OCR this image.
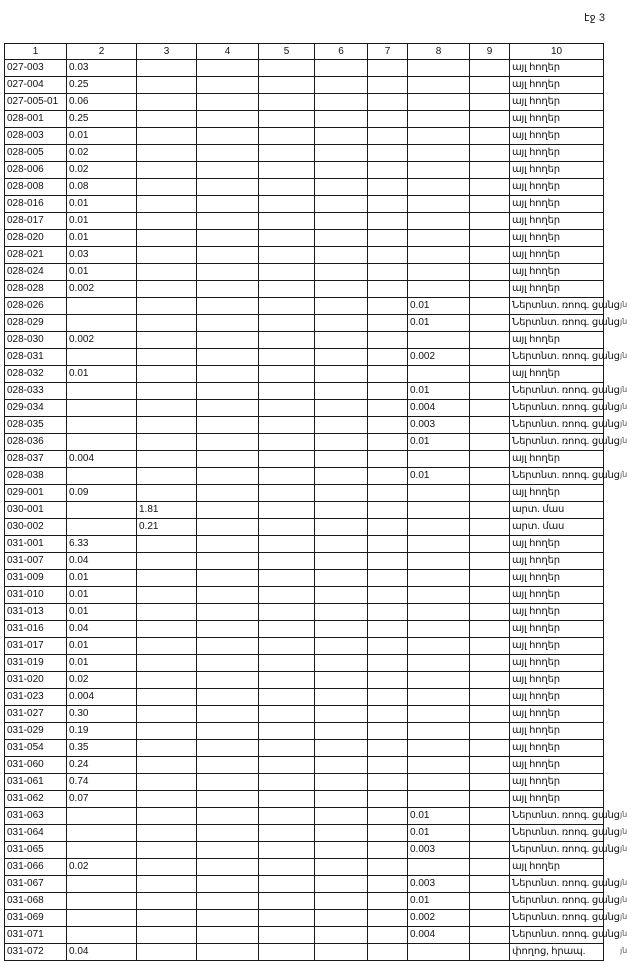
էջ 3
1	2	3	4	5	6	7	8	9	10
027-003	0.03								այլ հողեր
027-004	0.25								այլ հողեր
027-005-01	0.06								այլ հողեր
028-001	0.25								այլ հողեր
028-003	0.01								այլ հողեր
028-005	0.02								այլ հողեր
028-006	0.02								այլ հողեր
028-008	0.08								այլ հողեր
028-016	0.01								այլ հողեր
028-017	0.01								այլ հողեր
028-020	0.01								այլ հողեր
028-021	0.03								այլ հողեր
028-024	0.01								այլ հողեր
028-028	0.002								այլ հողեր
028-026							0.01		Ներտնտ. ռոոգ. ցանց
028-029							0.01		Ներտնտ. ռոոգ. ցանց
028-030	0.002								այլ հողեր
028-031							0.002		Ներտնտ. ռոոգ. ցանց
028-032	0.01								այլ հողեր
028-033							0.01		Ներտնտ. ռոոգ. ցանց
029-034							0.004		Ներտնտ. ռոոգ. ցանց
028-035							0.003		Ներտնտ. ռոոգ. ցանց
028-036							0.01		Ներտնտ. ռոոգ. ցանց
028-037	0.004								այլ հողեր
028-038							0.01		Ներտնտ. ռոոգ. ցանց
029-001	0.09								այլ հողեր
030-001		1.81							արտ. մաս
030-002		0.21							արտ. մաս
031-001	6.33								այլ հողեր
031-007	0.04								այլ հողեր
031-009	0.01								այլ հողեր
031-010	0.01								այլ հողեր
031-013	0.01								այլ հողեր
031-016	0.04								այլ հողեր
031-017	0.01								այլ հողեր
031-019	0.01								այլ հողեր
031-020	0.02								այլ հողեր
031-023	0.004								այլ հողեր
031-027	0.30								այլ հողեր
031-029	0.19								այլ հողեր
031-054	0.35								այլ հողեր
031-060	0.24								այլ հողեր
031-061	0.74								այլ հողեր
031-062	0.07								այլ հողեր
031-063							0.01		Ներտնտ. ռոոգ. ցանց
031-064							0.01		Ներտնտ. ռոոգ. ցանց
031-065							0.003		Ներտնտ. ռոոգ. ցանց
031-066	0.02								այլ հողեր
031-067							0.003		Ներտնտ. ռոոգ. ցանց
031-068							0.01		Ներտնտ. ռոոգ. ցանց
031-069							0.002		Ներտնտ. ռոոգ. ցանց
031-071							0.004		Ներտնտ. ռոոգ. ցանց
031-072	0.04								փողոց, հրապ.
յն
յն
յն
յն
յն
յն
յն
յն
յն
յն
յն
յն
յն
յն
յն
յն
